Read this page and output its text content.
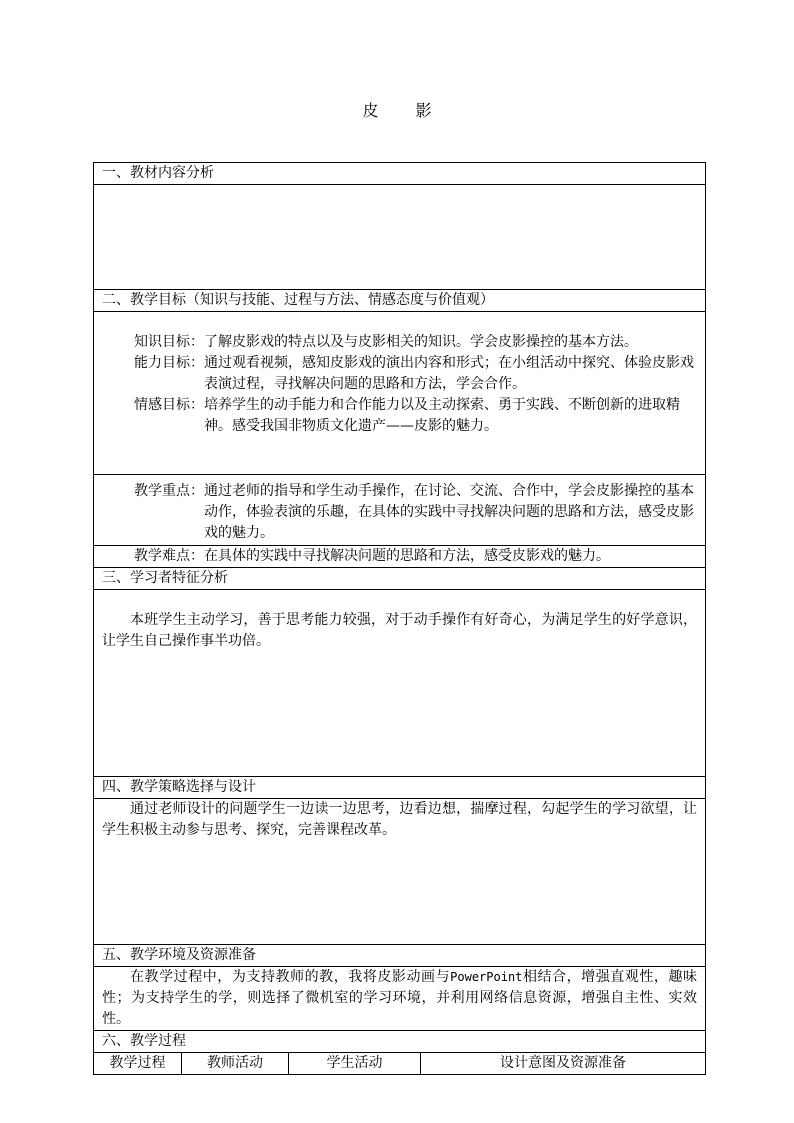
皮 影
一、教材内容分析

二、教学目标（知识与技能、过程与方法、情感态度与价值观）

知识目标： 了解皮影戏的特点以及与皮影相关的知识。学会皮影操控的基本方法。
能力目标： 通过观看视频，感知皮影戏的演出内容和形式；在小组活动中探究、体验皮影戏表演过程，寻找解决问题的思路和方法，学会合作。
情感目标： 培养学生的动手能力和合作能力以及主动探索、勇于实践、不断创新的进取精神。感受我国非物质文化遗产——皮影的魅力。

教学重点： 通过老师的指导和学生动手操作，在讨论、交流、合作中，学会皮影操控的基本动作，体验表演的乐趣，在具体的实践中寻找解决问题的思路和方法，感受皮影戏的魅力。

教学难点： 在具体的实践中寻找解决问题的思路和方法，感受皮影戏的魅力。

三、学习者特征分析

本班学生主动学习，善于思考能力较强，对于动手操作有好奇心，为满足学生的好学意识，让学生自己操作事半功倍。

四、教学策略选择与设计

通过老师设计的问题学生一边读一边思考，边看边想，揣摩过程，勾起学生的学习欲望，让学生积极主动参与思考、探究，完善课程改革。

五、教学环境及资源准备

在教学过程中，为支持教师的教，我将皮影动画与PowerPoint相结合，增强直观性，趣味性；为支持学生的学，则选择了微机室的学习环境，并利用网络信息资源，增强自主性、实效性。

六、教学过程

教学过程	教师活动	学生活动	设计意图及资源准备
